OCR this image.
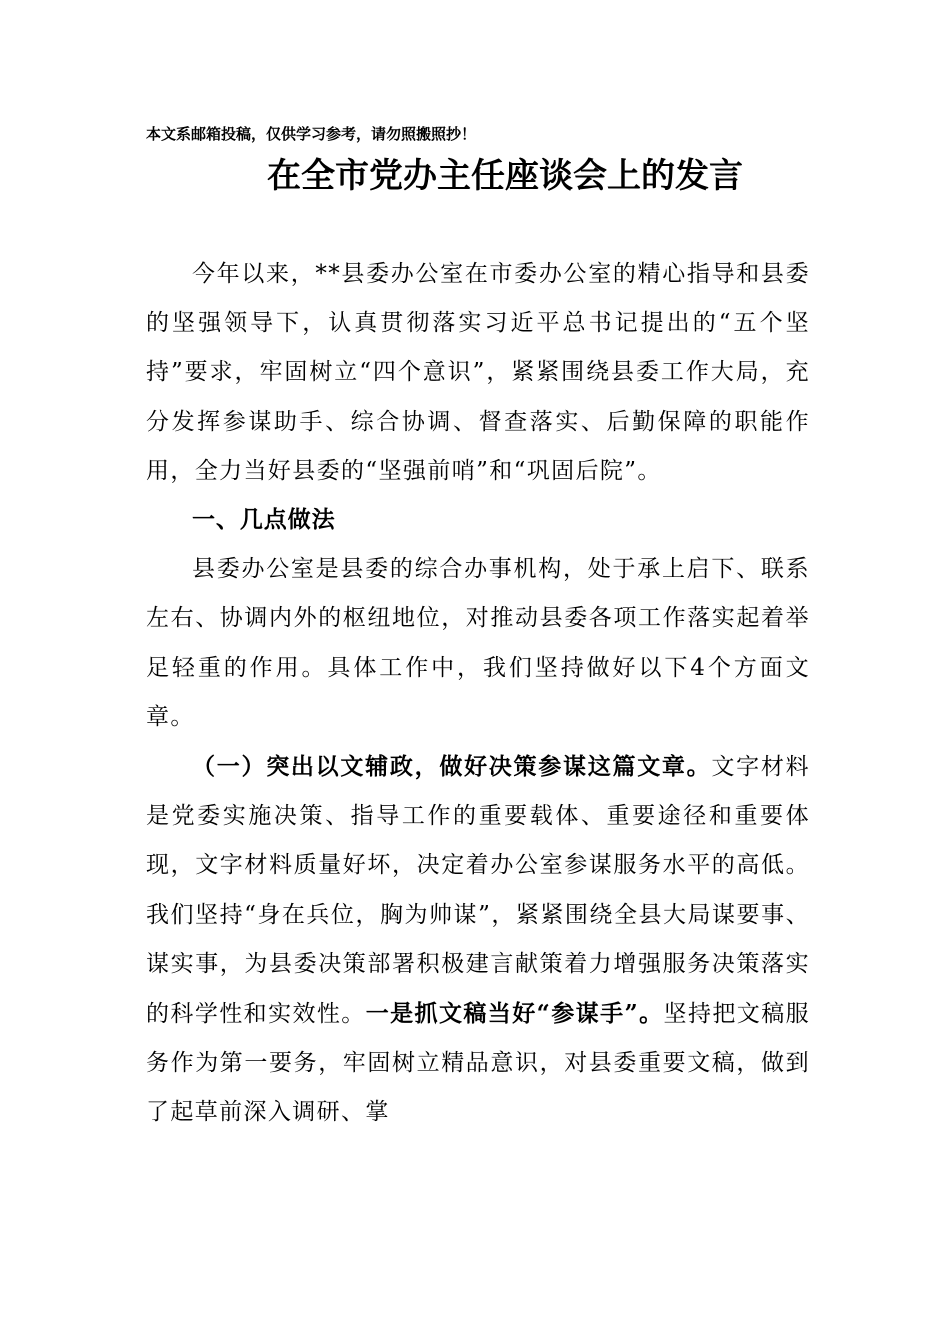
本文系邮箱投稿，仅供学习参考，请勿照搬照抄！
在全市党办主任座谈会上的发言

今年以来，**县委办公室在市委办公室的精心指导和县委的坚强领导下，认真贯彻落实习近平总书记提出的“五个坚持”要求，牢固树立“四个意识”，紧紧围绕县委工作大局，充分发挥参谋助手、综合协调、督查落实、后勤保障的职能作用，全力当好县委的“坚强前哨”和“巩固后院”。

一、几点做法

县委办公室是县委的综合办事机构，处于承上启下、联系左右、协调内外的枢纽地位，对推动县委各项工作落实起着举足轻重的作用。具体工作中，我们坚持做好以下4个方面文章。

（一）突出以文辅政，做好决策参谋这篇文章。文字材料是党委实施决策、指导工作的重要载体、重要途径和重要体现，文字材料质量好坏，决定着办公室参谋服务水平的高低。我们坚持“身在兵位，胸为帅谋”，紧紧围绕全县大局谋要事、谋实事，为县委决策部署积极建言献策着力增强服务决策落实的科学性和实效性。一是抓文稿当好“参谋手”。坚持把文稿服务作为第一要务，牢固树立精品意识，对县委重要文稿，做到了起草前深入调研、掌
